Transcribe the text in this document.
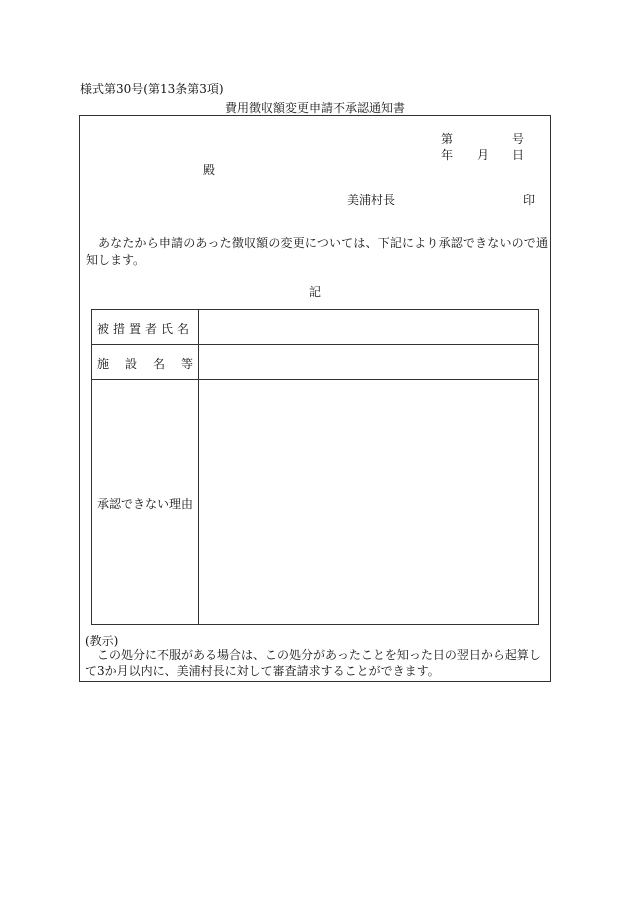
様式第30号(第13条第3項)
費用徴収額変更申請不承認通知書
第	号
年 月 日
殿
美浦村長	印
あなたから申請のあった徴収額の変更については、下記により承認できないので通知します。
記
被措置者氏名
施 設 名 等
承認できない理由
(教示)
この処分に不服がある場合は、この処分があったことを知った日の翌日から起算して3か月以内に、美浦村長に対して審査請求することができます。
